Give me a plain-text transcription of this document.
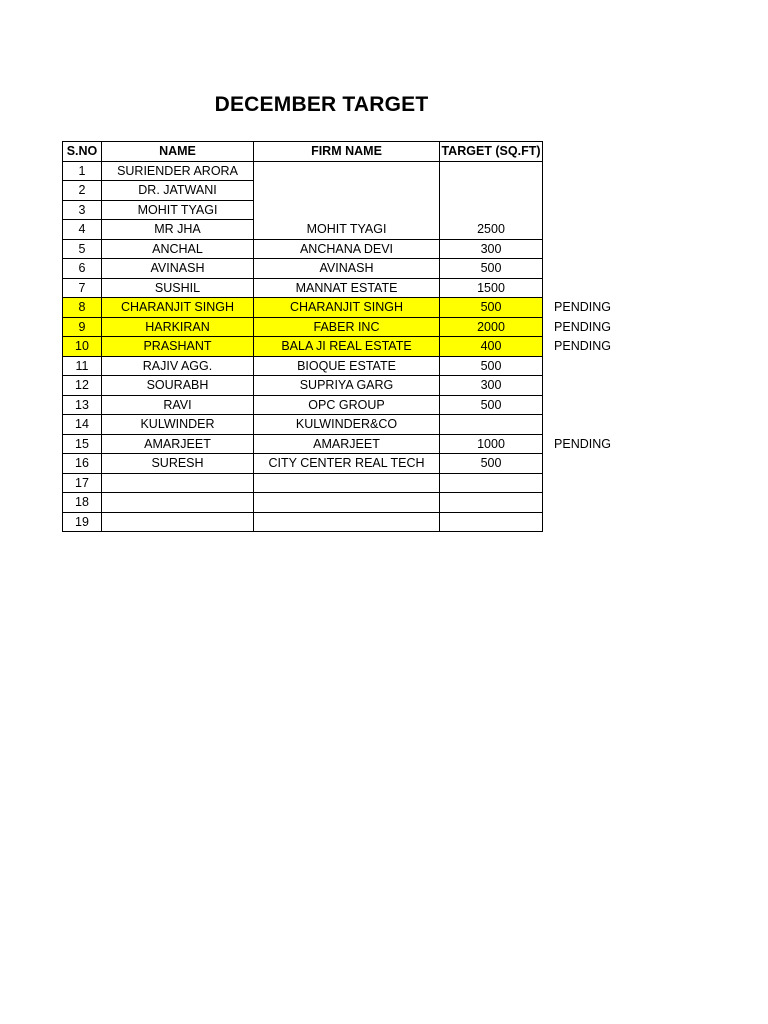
DECEMBER TARGET
S.NO	NAME	FIRM NAME	TARGET (SQ.FT)	
1	SURIENDER ARORA			
2	DR. JATWANI			
3	MOHIT TYAGI			
4	MR JHA	MOHIT TYAGI	2500	
5	ANCHAL	ANCHANA DEVI	300	
6	AVINASH	AVINASH	500	
7	SUSHIL	MANNAT ESTATE	1500	
8	CHARANJIT SINGH	CHARANJIT SINGH	500	PENDING
9	HARKIRAN	FABER INC	2000	PENDING
10	PRASHANT	BALA JI REAL ESTATE	400	PENDING
11	RAJIV AGG.	BIOQUE ESTATE	500	
12	SOURABH	SUPRIYA GARG	300	
13	RAVI	OPC GROUP	500	
14	KULWINDER	KULWINDER&CO		
15	AMARJEET	AMARJEET	1000	PENDING
16	SURESH	CITY CENTER REAL TECH	500	
17				
18				
19				
